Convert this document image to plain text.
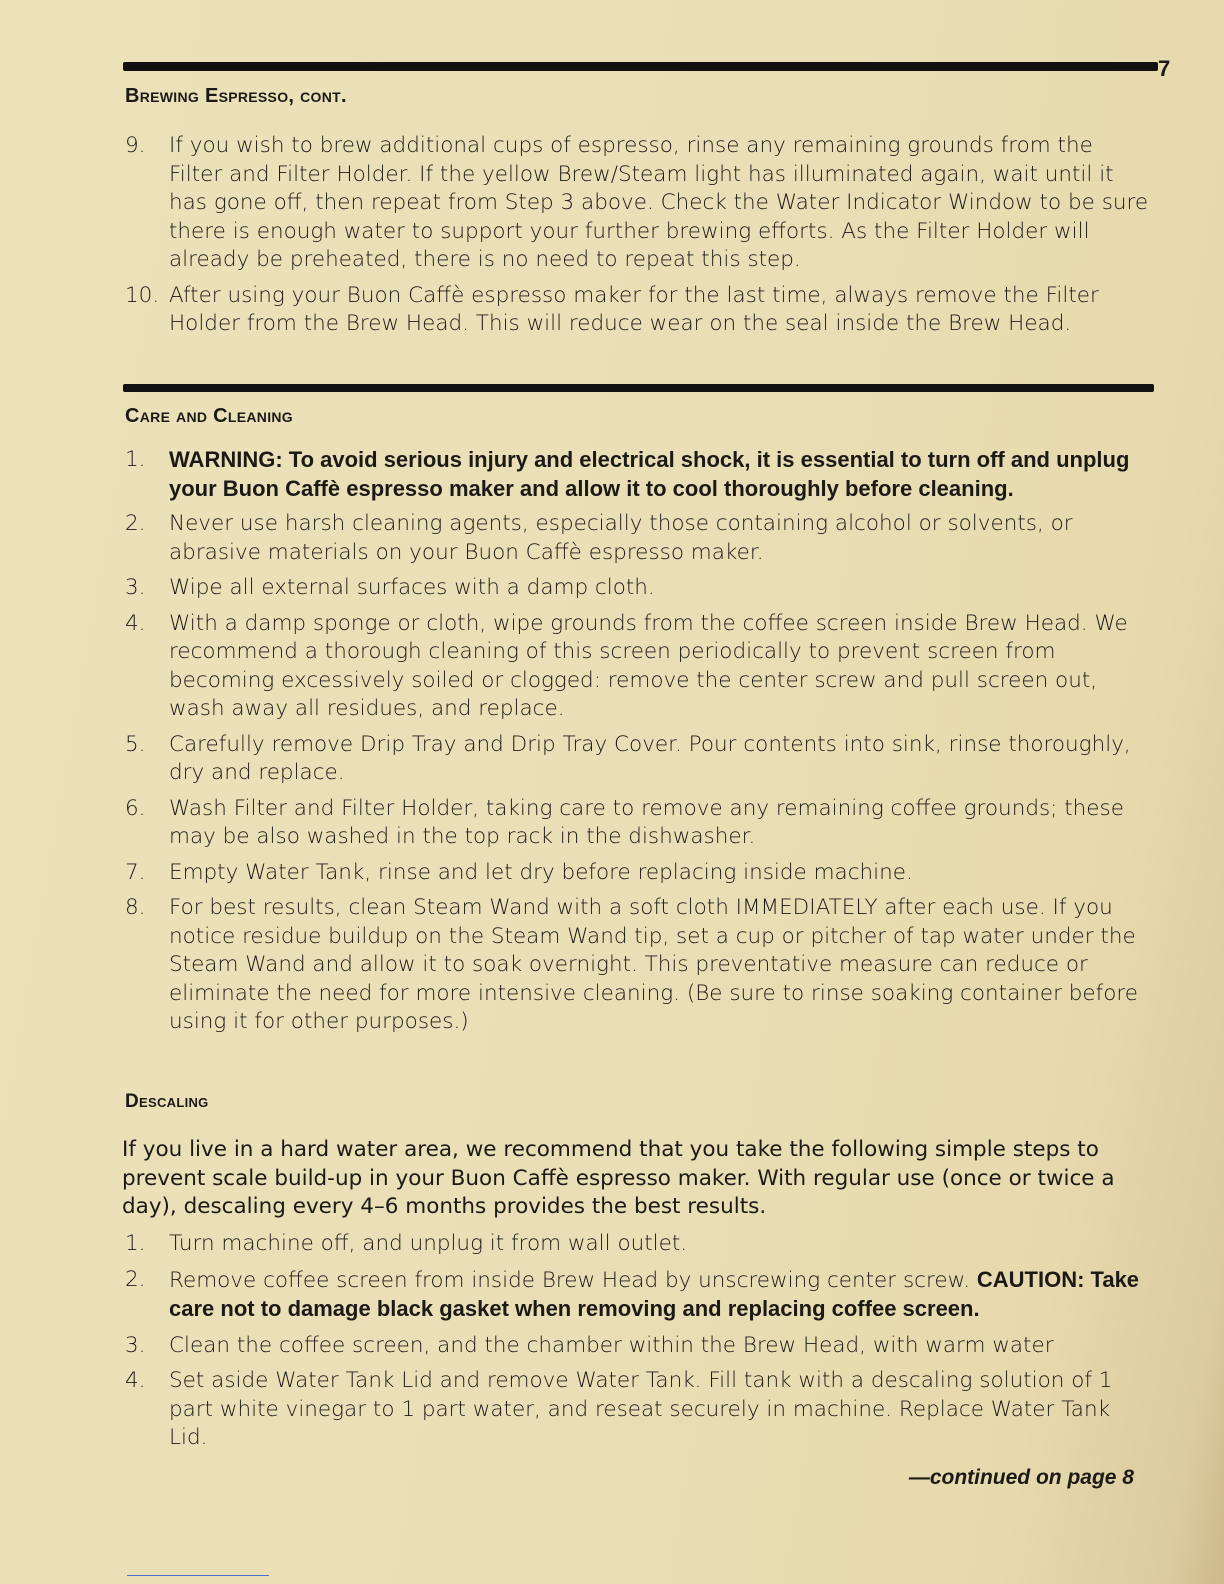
7
Brewing Espresso, cont.
9.	If you wish to brew additional cups of espresso, rinse any remaining grounds from the Filter and Filter Holder. If the yellow Brew/Steam light has illuminated again, wait until it has gone off, then repeat from Step 3 above. Check the Water Indicator Window to be sure there is enough water to support your further brewing efforts. As the Filter Holder will already be preheated, there is no need to repeat this step.
10. After using your Buon Caffè espresso maker for the last time, always remove the Filter Holder from the Brew Head. This will reduce wear on the seal inside the Brew Head.
Care and Cleaning
1.	WARNING: To avoid serious injury and electrical shock, it is essential to turn off and unplug your Buon Caffè espresso maker and allow it to cool thoroughly before cleaning.
2.	Never use harsh cleaning agents, especially those containing alcohol or solvents, or abrasive materials on your Buon Caffè espresso maker.
3.	Wipe all external surfaces with a damp cloth.
4.	With a damp sponge or cloth, wipe grounds from the coffee screen inside Brew Head. We recommend a thorough cleaning of this screen periodically to prevent screen from becoming excessively soiled or clogged: remove the center screw and pull screen out, wash away all residues, and replace.
5.	Carefully remove Drip Tray and Drip Tray Cover. Pour contents into sink, rinse thoroughly, dry and replace.
6.	Wash Filter and Filter Holder, taking care to remove any remaining coffee grounds; these may be also washed in the top rack in the dishwasher.
7.	Empty Water Tank, rinse and let dry before replacing inside machine.
8.	For best results, clean Steam Wand with a soft cloth IMMEDIATELY after each use. If you notice residue buildup on the Steam Wand tip, set a cup or pitcher of tap water under the Steam Wand and allow it to soak overnight. This preventative measure can reduce or eliminate the need for more intensive cleaning. (Be sure to rinse soaking container before using it for other purposes.)
Descaling

If you live in a hard water area, we recommend that you take the following simple steps to prevent scale build-up in your Buon Caffè espresso maker. With regular use (once or twice a day), descaling every 4–6 months provides the best results.

1.	Turn machine off, and unplug it from wall outlet.
2.	Remove coffee screen from inside Brew Head by unscrewing center screw. CAUTION: Take care not to damage black gasket when removing and replacing coffee screen.
3.	Clean the coffee screen, and the chamber within the Brew Head, with warm water
4.	Set aside Water Tank Lid and remove Water Tank. Fill tank with a descaling solution of 1 part white vinegar to 1 part water, and reseat securely in machine. Replace Water Tank Lid.

—continued on page 8
